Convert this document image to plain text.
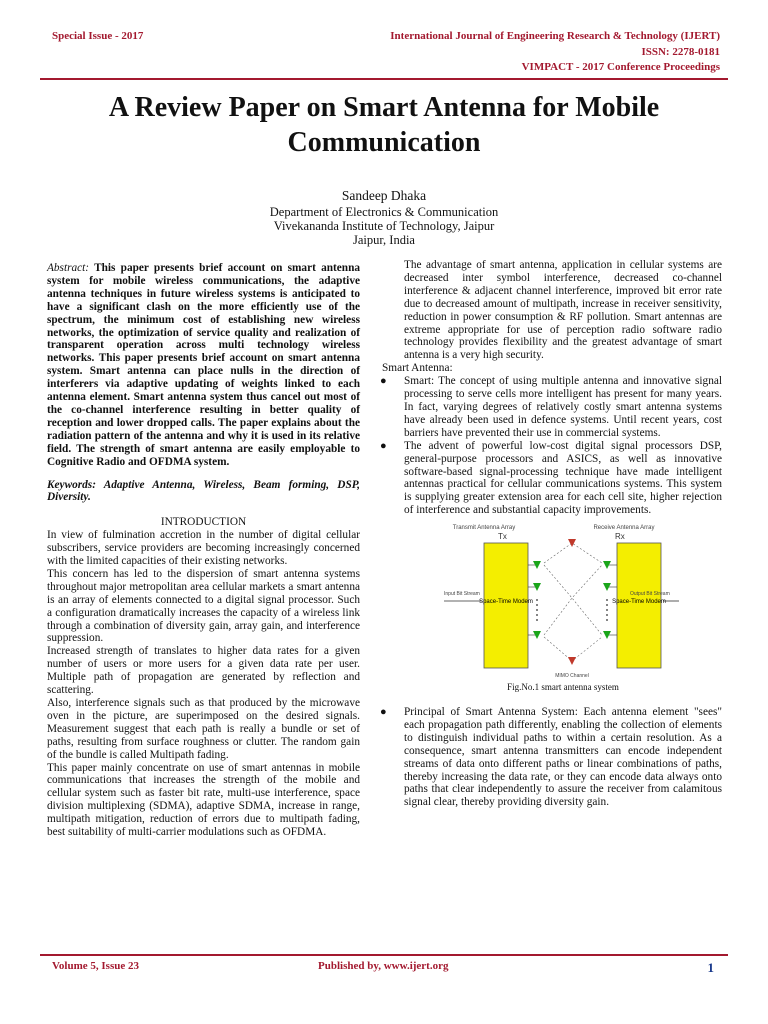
Special Issue - 2017	International Journal of Engineering Research & Technology (IJERT)
ISSN: 2278-0181
VIMPACT - 2017 Conference Proceedings
A Review Paper on Smart Antenna for Mobile Communication
Sandeep Dhaka
Department of Electronics & Communication
Vivekananda Institute of Technology, Jaipur
Jaipur, India

Abstract: This paper presents brief account on smart antenna system for mobile wireless communications, the adaptive antenna techniques in future wireless systems is anticipated to have a significant clash on the more efficiently use of the spectrum, the minimum cost of establishing new wireless networks, the optimization of service quality and realization of transparent operation across multi technology wireless networks. This paper presents brief account on smart antenna system. Smart antenna can place nulls in the direction of interferers via adaptive updating of weights linked to each antenna element. Smart antenna system thus cancel out most of the co-channel interference resulting in better quality of reception and lower dropped calls. The paper explains about the radiation pattern of the antenna and why it is used in its relative field. The strength of smart antenna are easily employable to Cognitive Radio and OFDMA system.

Keywords: Adaptive Antenna, Wireless, Beam forming, DSP, Diversity.

INTRODUCTION

In view of fulmination accretion in the number of digital cellular subscribers, service providers are becoming increasingly concerned with the limited capacities of their existing networks.

This concern has led to the dispersion of smart antenna systems throughout major metropolitan area cellular markets a smart antenna is an array of elements connected to a digital signal processor. Such a configuration dramatically increases the capacity of a wireless link through a combination of diversity gain, array gain, and interference suppression.

Increased strength of translates to higher data rates for a given number of users or more users for a given data rate per user. Multiple path of propagation are generated by reflection and scattering.

Also, interference signals such as that produced by the microwave oven in the picture, are superimposed on the desired signals. Measurement suggest that each path is really a bundle or set of paths, resulting from surface roughness or clutter. The random gain of the bundle is called Multipath fading.

This paper mainly concentrate on use of smart antennas in mobile communications that increases the strength of the mobile and cellular system such as faster bit rate, multi-use interference, space division multiplexing (SDMA), adaptive SDMA, increase in range, multipath mitigation, reduction of errors due to multipath fading, best suitability of multi-carrier modulations such as OFDMA.

The advantage of smart antenna, application in cellular systems are decreased inter symbol interference, decreased co-channel interference & adjacent channel interference, improved bit error rate due to decreased amount of multipath, increase in receiver sensitivity, reduction in power consumption & RF pollution. Smart antennas are extreme appropriate for use of perception radio software radio technology provides flexibility and the greatest advantage of smart antenna is a very high security.

Smart Antenna:

● Smart: The concept of using multiple antenna and innovative signal processing to serve cells more intelligent has present for many years. In fact, varying degrees of relatively costly smart antenna systems have already been used in defence systems. Until recent years, cost barriers have prevented their use in commercial systems.

● The advent of powerful low-cost digital signal processors DSP, general-purpose processors and ASICS, as well as innovative software-based signal-processing technique have made intelligent antennas practical for cellular communications systems. This system is supplying greater extension area for each cell site, higher rejection of interference and substantial capacity improvements.

Transmit Antenna Array	Receive Antenna Array
Tx	Rx
Space-Time Modem	Space-Time Modem
Input Bit Stream	Output Bit Stream
MIMO Channel

Fig.No.1 smart antenna system

● Principal of Smart Antenna System: Each antenna element "sees" each propagation path differently, enabling the collection of elements to distinguish individual paths to within a certain resolution. As a consequence, smart antenna transmitters can encode independent streams of data onto different paths or linear combinations of paths, thereby increasing the data rate, or they can encode data always onto paths that clear independently to assure the receiver from calamitous signal clear, thereby providing diversity gain.

Volume 5, Issue 23	Published by, www.ijert.org	1
